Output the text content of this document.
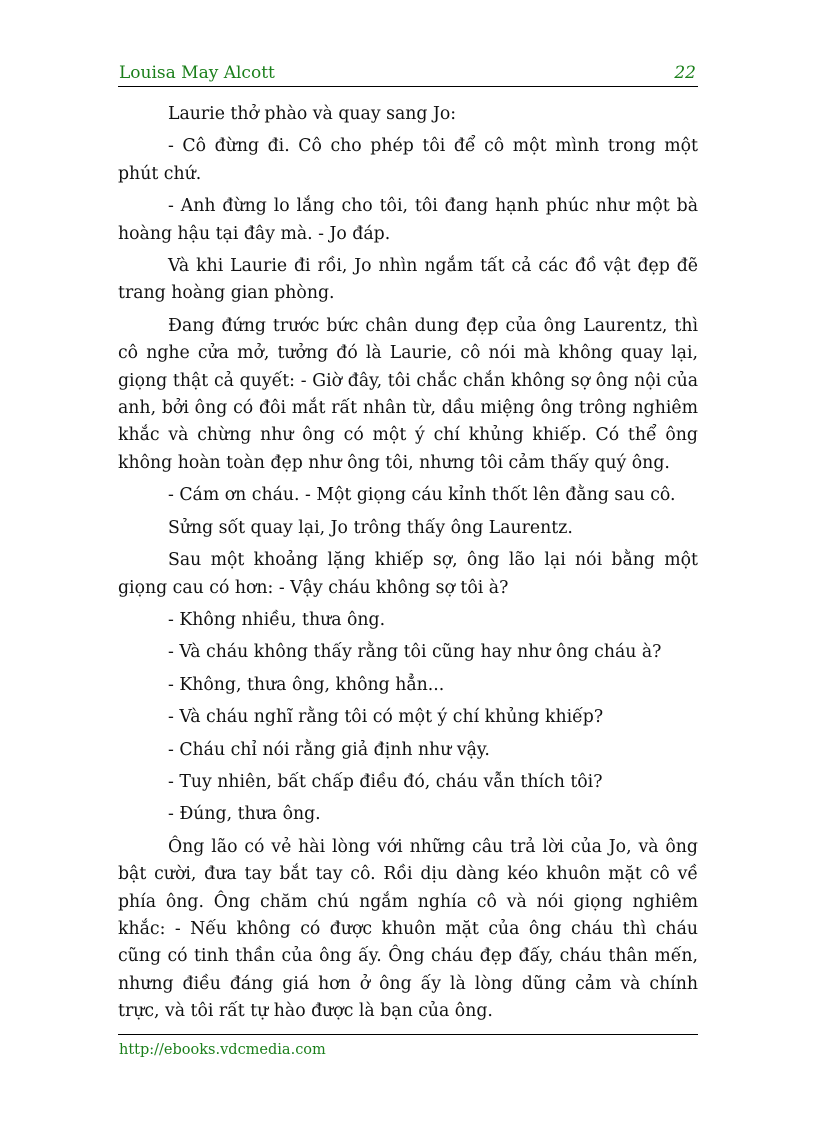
Louisa May Alcott	22

Laurie thở phào và quay sang Jo:

- Cô đừng đi. Cô cho phép tôi để cô một mình trong một phút chứ.

- Anh đừng lo lắng cho tôi, tôi đang hạnh phúc như một bà hoàng hậu tại đây mà. - Jo đáp.

Và khi Laurie đi rồi, Jo nhìn ngắm tất cả các đồ vật đẹp đẽ trang hoàng gian phòng.

Đang đứng trước bức chân dung đẹp của ông Laurentz, thì cô nghe cửa mở, tưởng đó là Laurie, cô nói mà không quay lại, giọng thật cả quyết: - Giờ đây, tôi chắc chắn không sợ ông nội của anh, bởi ông có đôi mắt rất nhân từ, dầu miệng ông trông nghiêm khắc và chừng như ông có một ý chí khủng khiếp. Có thể ông không hoàn toàn đẹp như ông tôi, nhưng tôi cảm thấy quý ông.

- Cám ơn cháu. - Một giọng cáu kỉnh thốt lên đằng sau cô.

Sửng sốt quay lại, Jo trông thấy ông Laurentz.

Sau một khoảng lặng khiếp sợ, ông lão lại nói bằng một giọng cau có hơn: - Vậy cháu không sợ tôi à?

- Không nhiều, thưa ông.

- Và cháu không thấy rằng tôi cũng hay như ông cháu à?

- Không, thưa ông, không hẳn...

- Và cháu nghĩ rằng tôi có một ý chí khủng khiếp?

- Cháu chỉ nói rằng giả định như vậy.

- Tuy nhiên, bất chấp điều đó, cháu vẫn thích tôi?

- Đúng, thưa ông.

Ông lão có vẻ hài lòng với những câu trả lời của Jo, và ông bật cười, đưa tay bắt tay cô. Rồi dịu dàng kéo khuôn mặt cô về phía ông. Ông chăm chú ngắm nghía cô và nói giọng nghiêm khắc: - Nếu không có được khuôn mặt của ông cháu thì cháu cũng có tinh thần của ông ấy. Ông cháu đẹp đấy, cháu thân mến, nhưng điều đáng giá hơn ở ông ấy là lòng dũng cảm và chính trực, và tôi rất tự hào được là bạn của ông.

http://ebooks.vdcmedia.com
